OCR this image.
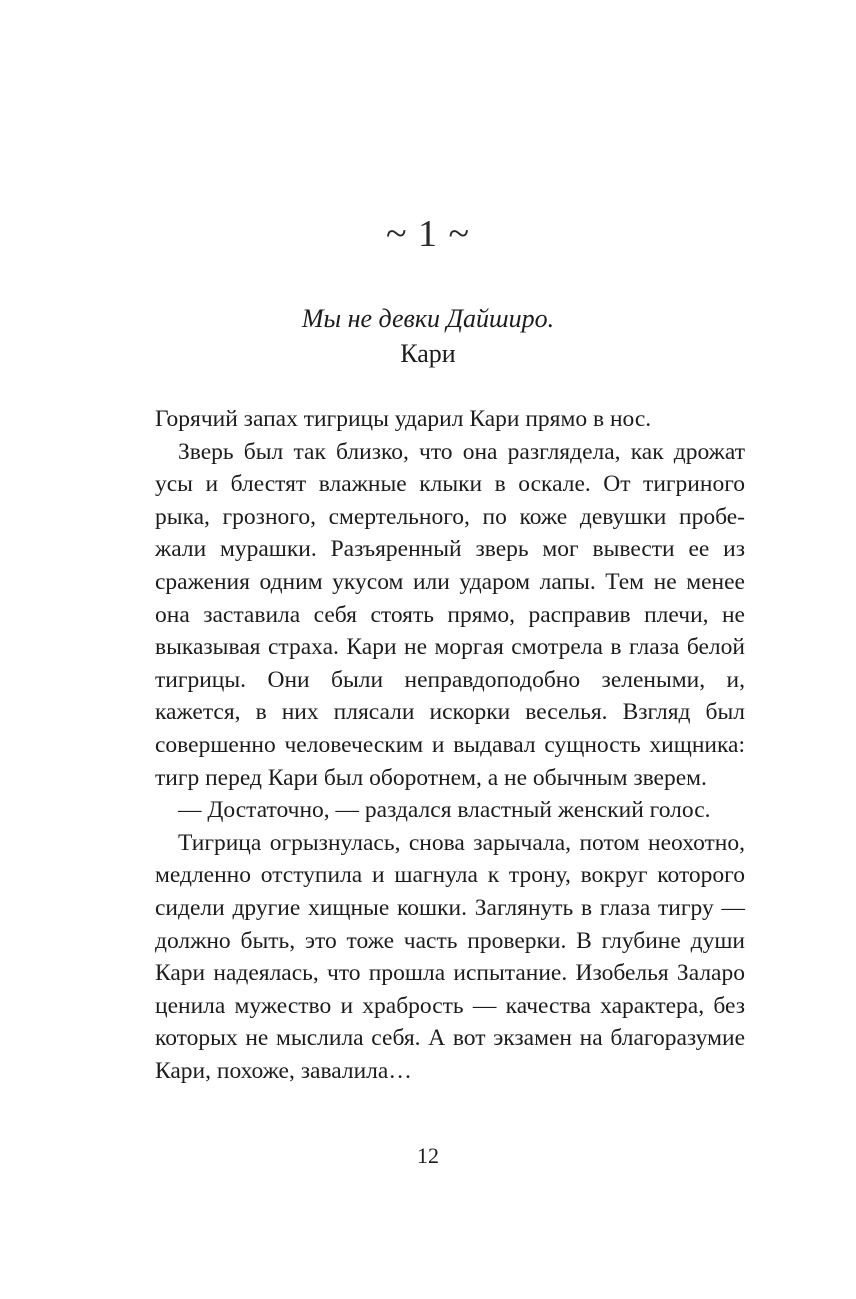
~ 1 ~
Мы не девки Дайширо.
Кари

Горячий запах тигрицы ударил Кари прямо в нос.

Зверь был так близко, что она разглядела, как дрожат усы и блестят влажные клыки в оскале. От тигриного рыка, грозного, смертельного, по коже девушки пробежали мурашки. Разъяренный зверь мог вывести ее из сражения одним укусом или ударом лапы. Тем не менее она заставила себя стоять прямо, расправив плечи, не выказывая страха. Кари не моргая смотрела в глаза белой тигрицы. Они были неправдоподобно зелеными, и, кажется, в них плясали искорки веселья. Взгляд был совершенно человеческим и выдавал сущность хищника: тигр перед Кари был оборотнем, а не обычным зверем.

— Достаточно, — раздался властный женский голос.

Тигрица огрызнулась, снова зарычала, потом неохотно, медленно отступила и шагнула к трону, вокруг которого сидели другие хищные кошки. Заглянуть в глаза тигру — должно быть, это тоже часть проверки. В глубине души Кари надеялась, что прошла испытание. Изобелья Заларо ценила мужество и храбрость — качества характера, без которых не мыслила себя. А вот экзамен на благоразумие Кари, похоже, завалила…

12
